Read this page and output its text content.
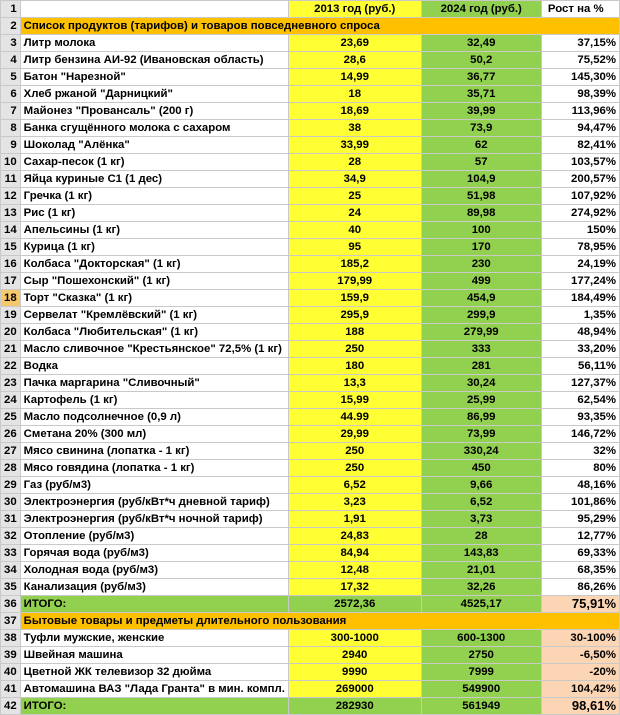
1		2013 год (руб.)	2024 год (руб.)	Рост на %
2	Список продуктов (тарифов) и товаров повседневного спроса			
3	Литр молока	23,69	32,49	37,15%
4	Литр бензина АИ-92 (Ивановская область)	28,6	50,2	75,52%
5	Батон "Нарезной"	14,99	36,77	145,30%
6	Хлеб ржаной "Дарницкий"	18	35,71	98,39%
7	Майонез "Провансаль" (200 г)	18,69	39,99	113,96%
8	Банка сгущённого молока с сахаром	38	73,9	94,47%
9	Шоколад "Алёнка"	33,99	62	82,41%
10	Сахар-песок (1 кг)	28	57	103,57%
11	Яйца куриные С1 (1 дес)	34,9	104,9	200,57%
12	Гречка (1 кг)	25	51,98	107,92%
13	Рис (1 кг)	24	89,98	274,92%
14	Апельсины (1 кг)	40	100	150%
15	Курица (1 кг)	95	170	78,95%
16	Колбаса "Докторская" (1 кг)	185,2	230	24,19%
17	Сыр "Пошехонский" (1 кг)	179,99	499	177,24%
18	Торт "Сказка" (1 кг)	159,9	454,9	184,49%
19	Сервелат "Кремлёвский" (1 кг)	295,9	299,9	1,35%
20	Колбаса "Любительская" (1 кг)	188	279,99	48,94%
21	Масло сливочное "Крестьянское" 72,5% (1 кг)	250	333	33,20%
22	Водка	180	281	56,11%
23	Пачка маргарина "Сливочный"	13,3	30,24	127,37%
24	Картофель (1 кг)	15,99	25,99	62,54%
25	Масло подсолнечное (0,9 л)	44.99	86,99	93,35%
26	Сметана 20% (300 мл)	29,99	73,99	146,72%
27	Мясо свинина (лопатка - 1 кг)	250	330,24	32%
28	Мясо говядина (лопатка - 1 кг)	250	450	80%
29	Газ (руб/м3)	6,52	9,66	48,16%
30	Электроэнергия (руб/кВт*ч дневной тариф)	3,23	6,52	101,86%
31	Электроэнергия (руб/кВт*ч ночной тариф)	1,91	3,73	95,29%
32	Отопление (руб/м3)	24,83	28	12,77%
33	Горячая вода (руб/м3)	84,94	143,83	69,33%
34	Холодная вода (руб/м3)	12,48	21,01	68,35%
35	Канализация (руб/м3)	17,32	32,26	86,26%
36	ИТОГО:	2572,36	4525,17	75,91%
37	Бытовые товары и предметы длительного пользования			
38	Туфли мужские, женские	300-1000	600-1300	30-100%
39	Швейная машина	2940	2750	-6,50%
40	Цветной ЖК телевизор 32 дюйма	9990	7999	-20%
41	Автомашина ВАЗ "Лада Гранта" в мин. компл.	269000	549900	104,42%
42	ИТОГО:	282930	561949	98,61%
